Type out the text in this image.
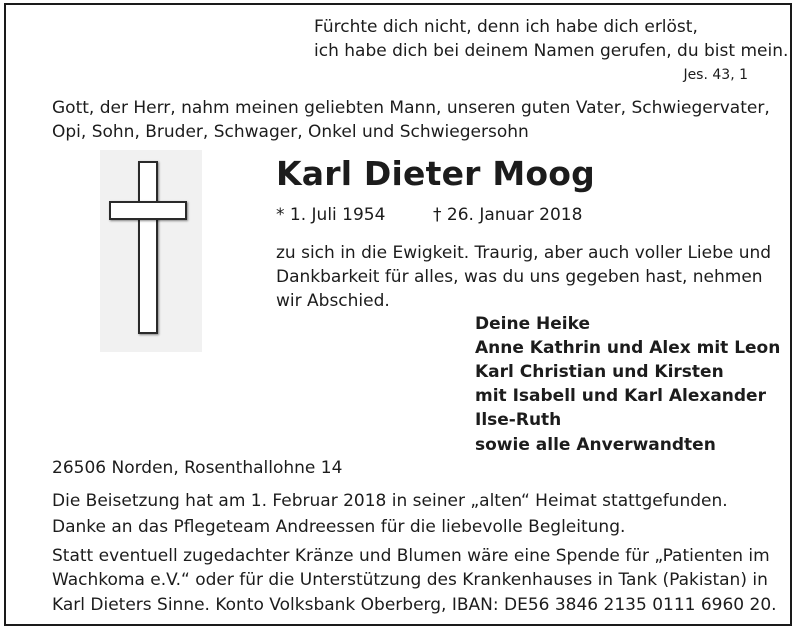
Fürchte dich nicht, denn ich habe dich erlöst,
ich habe dich bei deinem Namen gerufen, du bist mein.
Jes. 43, 1
Gott, der Herr, nahm meinen geliebten Mann, unseren guten Vater, Schwiegervater,
Opi, Sohn, Bruder, Schwager, Onkel und Schwiegersohn
Karl Dieter Moog
* 1. Juli 1954	† 26. Januar 2018
zu sich in die Ewigkeit. Traurig, aber auch voller Liebe und
Dankbarkeit für alles, was du uns gegeben hast, nehmen
wir Abschied.
Deine Heike
Anne Kathrin und Alex mit Leon
Karl Christian und Kirsten
mit Isabell und Karl Alexander
Ilse-Ruth
sowie alle Anverwandten
26506 Norden, Rosenthallohne 14
Die Beisetzung hat am 1. Februar 2018 in seiner „alten“ Heimat stattgefunden.
Danke an das Pflegeteam Andreessen für die liebevolle Begleitung.
Statt eventuell zugedachter Kränze und Blumen wäre eine Spende für „Patienten im
Wachkoma e.V.“ oder für die Unterstützung des Krankenhauses in Tank (Pakistan) in
Karl Dieters Sinne. Konto Volksbank Oberberg, IBAN: DE56 3846 2135 0111 6960 20.
